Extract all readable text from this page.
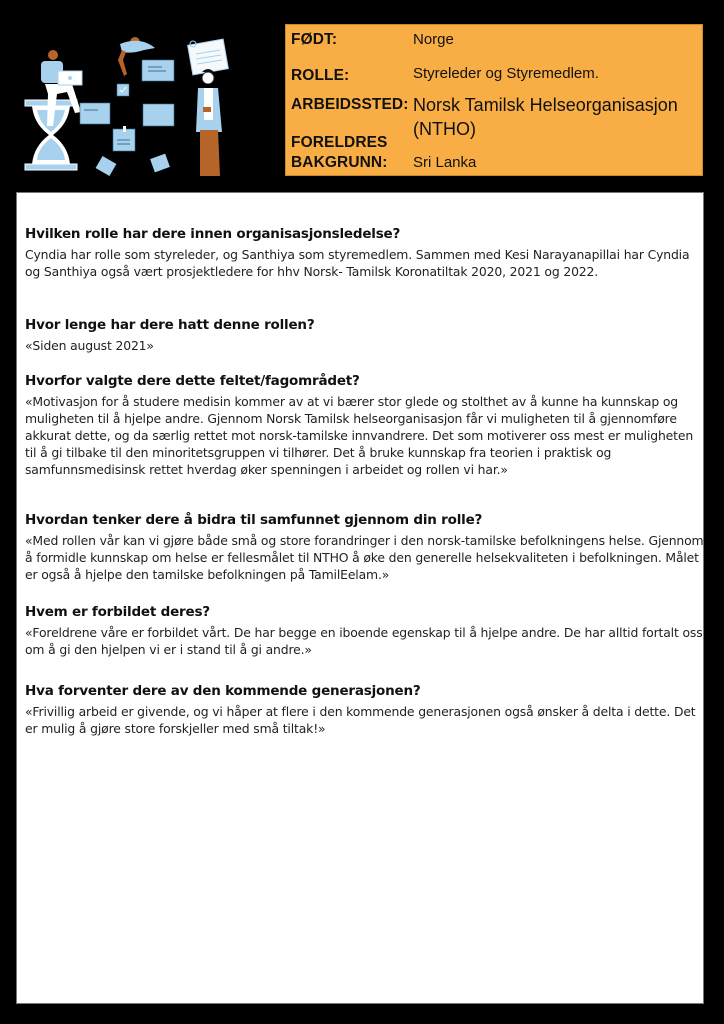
FØDT:	Norge
ROLLE:	Styreleder og Styremedlem.
ARBEIDSSTED: Norsk Tamilsk Helseorganisasjon
(NTHO)
FORELDRES
BAKGRUNN: Sri Lanka
Hvilken rolle har dere innen organisasjonsledelse?
Cyndia har rolle som styreleder, og Santhiya som styremedlem. Sammen med Kesi Narayanapillai har Cyndia og Santhiya også vært prosjektledere for hhv Norsk- Tamilsk Koronatiltak 2020, 2021 og 2022.
Hvor lenge har dere hatt denne rollen?
«Siden august 2021»
Hvorfor valgte dere dette feltet/fagområdet?
«Motivasjon for å studere medisin kommer av at vi bærer stor glede og stolthet av å kunne ha kunnskap og muligheten til å hjelpe andre. Gjennom Norsk Tamilsk helseorganisasjon får vi muligheten til å gjennomføre akkurat dette, og da særlig rettet mot norsk-tamilske innvandrere. Det som motiverer oss mest er muligheten til å gi tilbake til den minoritetsgruppen vi tilhører. Det å bruke kunnskap fra teorien i praktisk og samfunnsmedisinsk rettet hverdag øker spenningen i arbeidet og rollen vi har.»
Hvordan tenker dere å bidra til samfunnet gjennom din rolle?
«Med rollen vår kan vi gjøre både små og store forandringer i den norsk-tamilske befolkningens helse. Gjennom å formidle kunnskap om helse er fellesmålet til NTHO å øke den generelle helsekvaliteten i befolkningen. Målet er også å hjelpe den tamilske befolkningen på TamilEelam.»
Hvem er forbildet deres?
«Foreldrene våre er forbildet vårt. De har begge en iboende egenskap til å hjelpe andre. De har alltid fortalt oss om å gi den hjelpen vi er i stand til å gi andre.»
Hva forventer dere av den kommende generasjonen?
«Frivillig arbeid er givende, og vi håper at flere i den kommende generasjonen også ønsker å delta i dette. Det er mulig å gjøre store forskjeller med små tiltak!»
